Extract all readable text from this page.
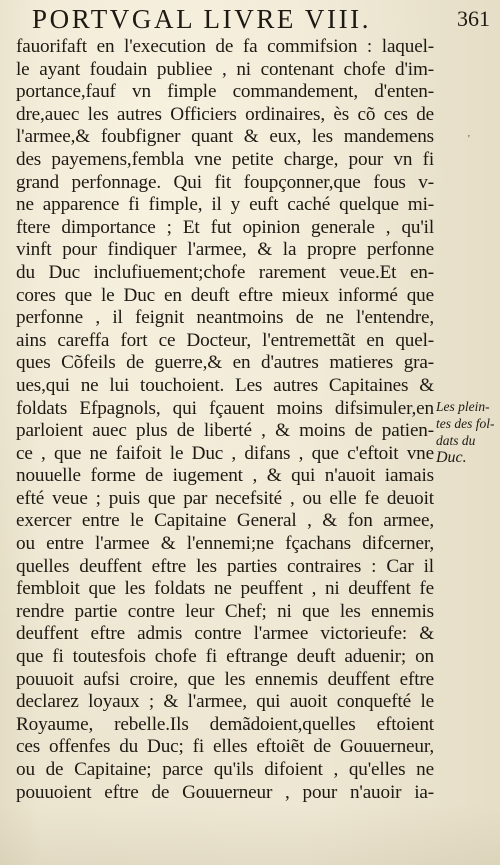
PORTVGAL LIVRE VIII.	361
fauorifaft en l'execution de fa commifsion : laquel-
le ayant foudain publiee , ni contenant chofe d'im-
portance,fauf vn fimple commandement, d'enten-
dre,auec les autres Officiers ordinaires, ès cõ ces de
l'armee,& foubfigner quant & eux, les mandemens
des payemens,fembla vne petite charge, pour vn fi
grand perfonnage. Qui fit foupçonner,que fous v-
ne apparence fi fimple, il y euft caché quelque mi-
ftere dimportance ; Et fut opinion generale , qu'il
vinft pour findiquer l'armee, & la propre perfonne
du Duc inclufiuement;chofe rarement veue.Et en-
cores que le Duc en deuft eftre mieux informé que
perfonne , il feignit neantmoins de ne l'entendre,
ains careffa fort ce Docteur, l'entremettãt en quel-
ques Cõfeils de guerre,& en d'autres matieres gra-
ues,qui ne lui touchoient. Les autres Capitaines &
foldats Efpagnols, qui fçauent moins difsimuler,en
parloient auec plus de liberté , & moins de patien-
ce , que ne faifoit le Duc , difans , que c'eftoit vne
nouuelle forme de iugement , & qui n'auoit iamais
efté veue ; puis que par necefsité , ou elle fe deuoit
exercer entre le Capitaine General , & fon armee,
ou entre l'armee & l'ennemi;ne fçachans difcerner,
quelles deuffent eftre les parties contraires : Car il
fembloit que les foldats ne peuffent , ni deuffent fe
rendre partie contre leur Chef; ni que les ennemis
deuffent eftre admis contre l'armee victorieufe: &
que fi toutesfois chofe fi eftrange deuft aduenir; on
pouuoit aufsi croire, que les ennemis deuffent eftre
declarez loyaux ; & l'armee, qui auoit conquefté le
Royaume, rebelle.Ils demãdoient,quelles eftoient
ces offenfes du Duc; fi elles eftoiẽt de Gouuerneur,
ou de Capitaine; parce qu'ils difoient , qu'elles ne
pouuoient eftre de Gouuerneur , pour n'auoir ia-
'
Les plein-
tes des fol-
dats du
Duc.
